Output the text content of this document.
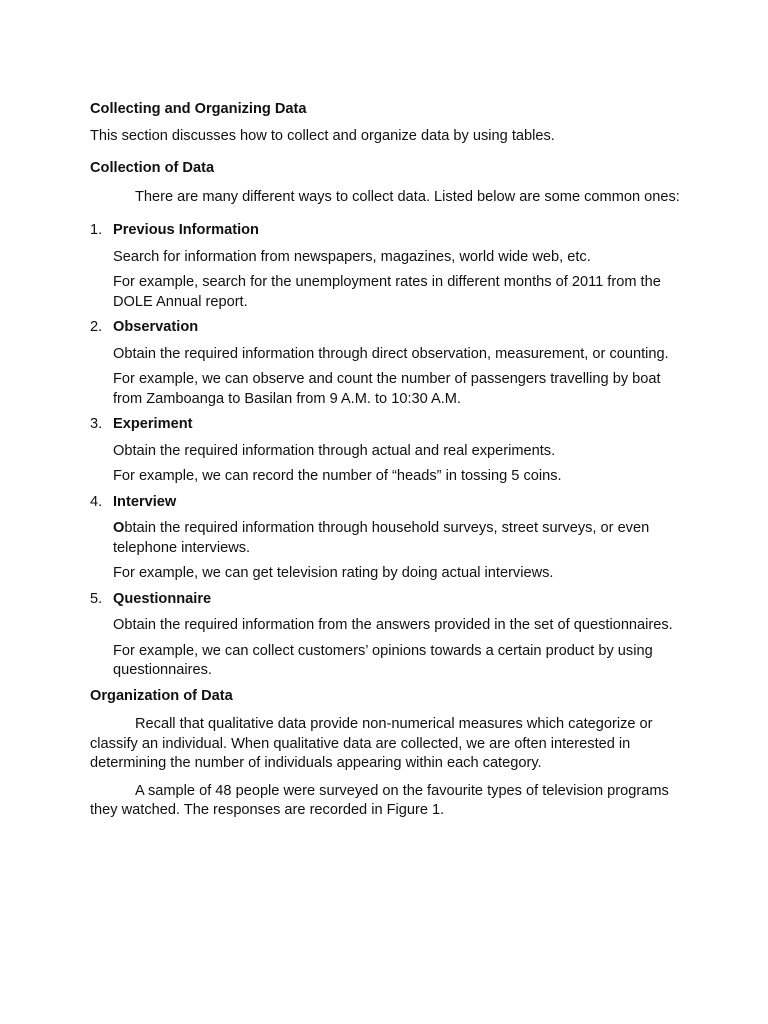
Collecting and Organizing Data

This section discusses how to collect and organize data by using tables.

Collection of Data

There are many different ways to collect data. Listed below are some common ones:

1. Previous Information

Search for information from newspapers, magazines, world wide web, etc.

For example, search for the unemployment rates in different months of 2011 from the DOLE Annual report.

2. Observation

Obtain the required information through direct observation, measurement, or counting.

For example, we can observe and count the number of passengers travelling by boat from Zamboanga to Basilan from 9 A.M. to 10:30 A.M.

3. Experiment

Obtain the required information through actual and real experiments.

For example, we can record the number of “heads” in tossing 5 coins.

4. Interview

Obtain the required information through household surveys, street surveys, or even telephone interviews.

For example, we can get television rating by doing actual interviews.

5. Questionnaire

Obtain the required information from the answers provided in the set of questionnaires.

For example, we can collect customers’ opinions towards a certain product by using questionnaires.

Organization of Data

Recall that qualitative data provide non-numerical measures which categorize or classify an individual. When qualitative data are collected, we are often interested in determining the number of individuals appearing within each category.

A sample of 48 people were surveyed on the favourite types of television programs they watched. The responses are recorded in Figure 1.
